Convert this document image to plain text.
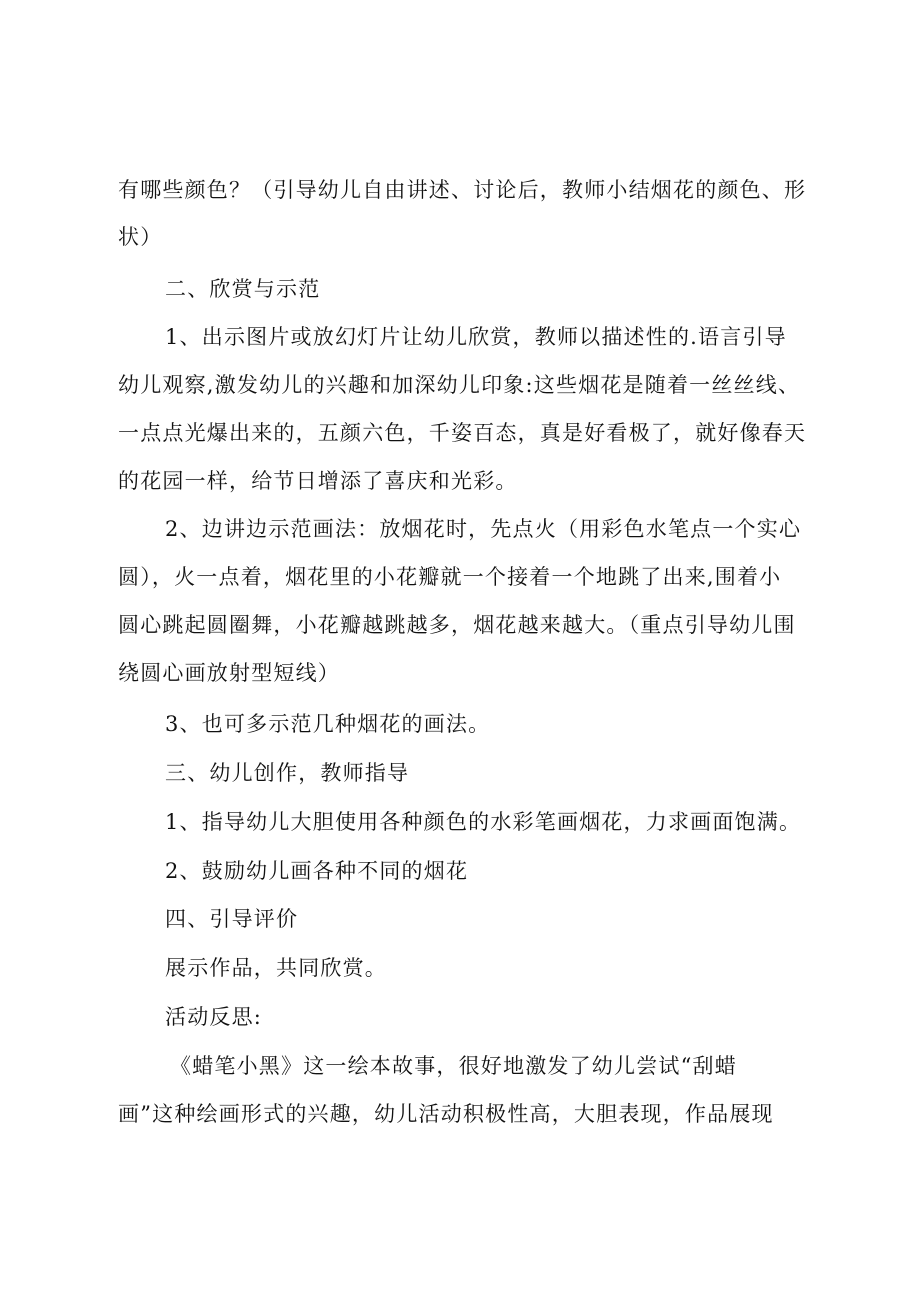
有哪些颜色？（引导幼儿自由讲述、讨论后，教师小结烟花的颜色、形

状）

二、欣赏与示范

1、出示图片或放幻灯片让幼儿欣赏，教师以描述性的.语言引导

幼儿观察,激发幼儿的兴趣和加深幼儿印象:这些烟花是随着一丝丝线、

一点点光爆出来的，五颜六色，千姿百态，真是好看极了，就好像春天

的花园一样，给节日增添了喜庆和光彩。

2、边讲边示范画法：放烟花时，先点火（用彩色水笔点一个实心

圆），火一点着，烟花里的小花瓣就一个接着一个地跳了出来,围着小

圆心跳起圆圈舞，小花瓣越跳越多，烟花越来越大。（重点引导幼儿围

绕圆心画放射型短线）

3、也可多示范几种烟花的画法。

三、幼儿创作，教师指导

1、指导幼儿大胆使用各种颜色的水彩笔画烟花，力求画面饱满。

2、鼓励幼儿画各种不同的烟花

四、引导评价

展示作品，共同欣赏。

活动反思:

《蜡笔小黑》这一绘本故事，很好地激发了幼儿尝试“刮蜡

画”这种绘画形式的兴趣，幼儿活动积极性高，大胆表现，作品展现
